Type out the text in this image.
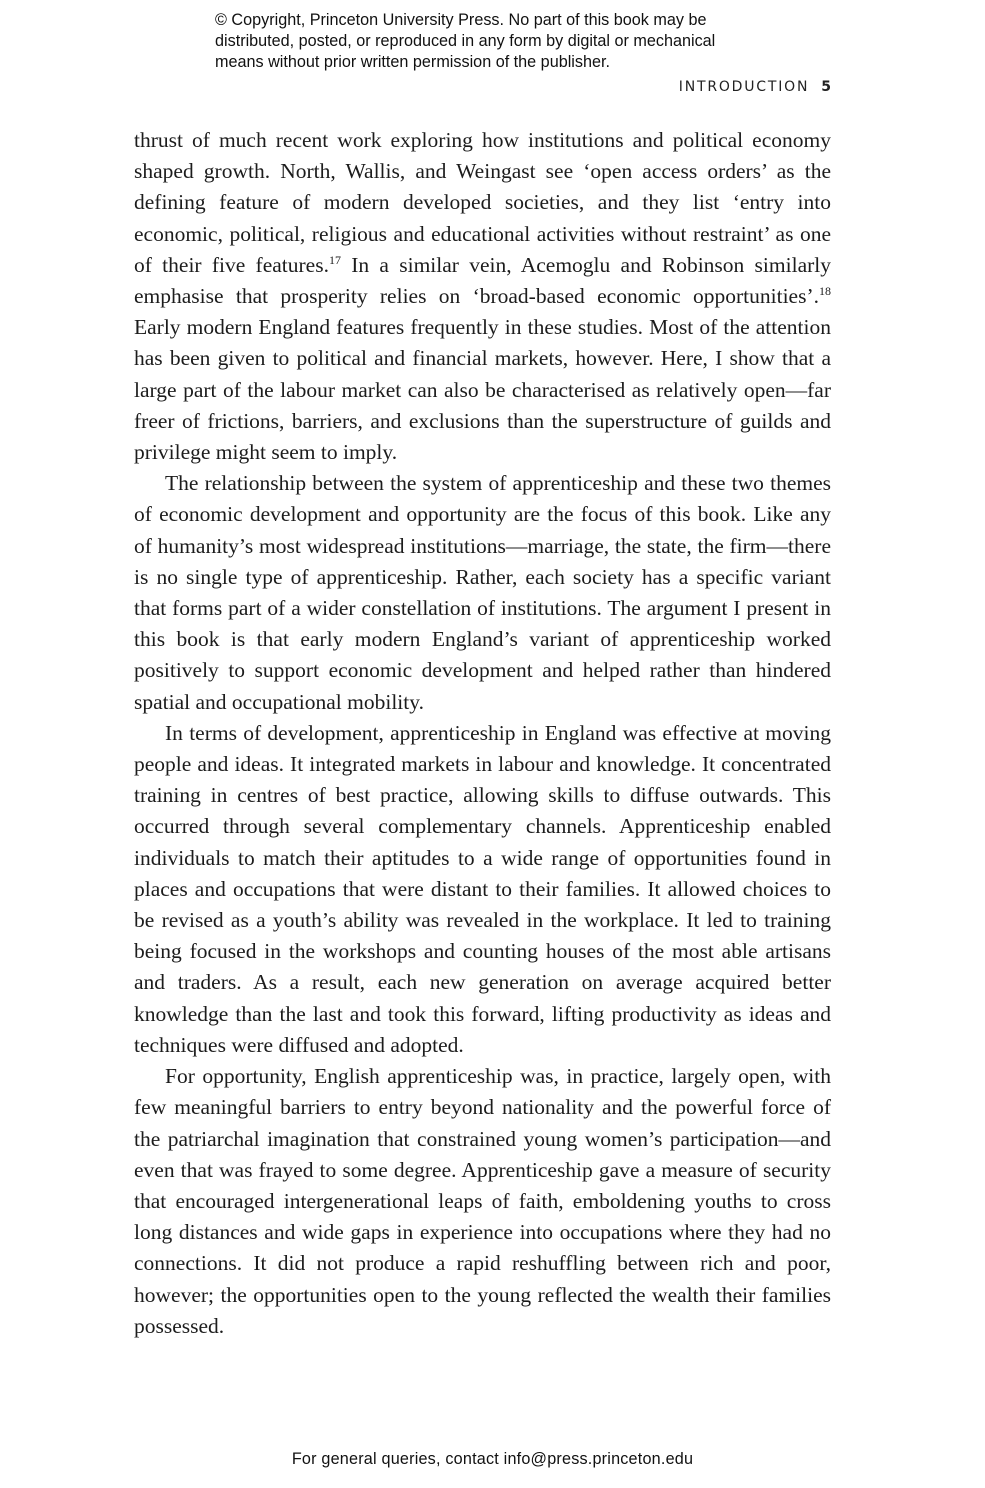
© Copyright, Princeton University Press. No part of this book may be
distributed, posted, or reproduced in any form by digital or mechanical
means without prior written permission of the publisher.
INTRODUCTION 5

thrust of much recent work exploring how institutions and political economy shaped growth. North, Wallis, and Weingast see ‘open access orders’ as the defining feature of modern developed societies, and they list ‘entry into economic, political, religious and educational activities without restraint’ as one of their five features.$^{17}$ In a similar vein, Acemoglu and Robinson similarly emphasise that prosperity relies on ‘broad-based economic opportunities’.$^{18}$ Early modern England features frequently in these studies. Most of the attention has been given to political and financial markets, however. Here, I show that a large part of the labour market can also be characterised as relatively open—far freer of frictions, barriers, and exclusions than the superstructure of guilds and privilege might seem to imply.

The relationship between the system of apprenticeship and these two themes of economic development and opportunity are the focus of this book. Like any of humanity’s most widespread institutions—marriage, the state, the firm—there is no single type of apprenticeship. Rather, each society has a specific variant that forms part of a wider constellation of institutions. The argument I present in this book is that early modern England’s variant of apprenticeship worked positively to support economic development and helped rather than hindered spatial and occupational mobility.

In terms of development, apprenticeship in England was effective at moving people and ideas. It integrated markets in labour and knowledge. It concentrated training in centres of best practice, allowing skills to diffuse outwards. This occurred through several complementary channels. Apprenticeship enabled individuals to match their aptitudes to a wide range of opportunities found in places and occupations that were distant to their families. It allowed choices to be revised as a youth’s ability was revealed in the workplace. It led to training being focused in the workshops and counting houses of the most able artisans and traders. As a result, each new generation on average acquired better knowledge than the last and took this forward, lifting productivity as ideas and techniques were diffused and adopted.

For opportunity, English apprenticeship was, in practice, largely open, with few meaningful barriers to entry beyond nationality and the powerful force of the patriarchal imagination that constrained young women’s participation—and even that was frayed to some degree. Apprenticeship gave a measure of security that encouraged intergenerational leaps of faith, emboldening youths to cross long distances and wide gaps in experience into occupations where they had no connections. It did not produce a rapid reshuffling between rich and poor, however; the opportunities open to the young reflected the wealth their families possessed.

For general queries, contact info@press.princeton.edu
